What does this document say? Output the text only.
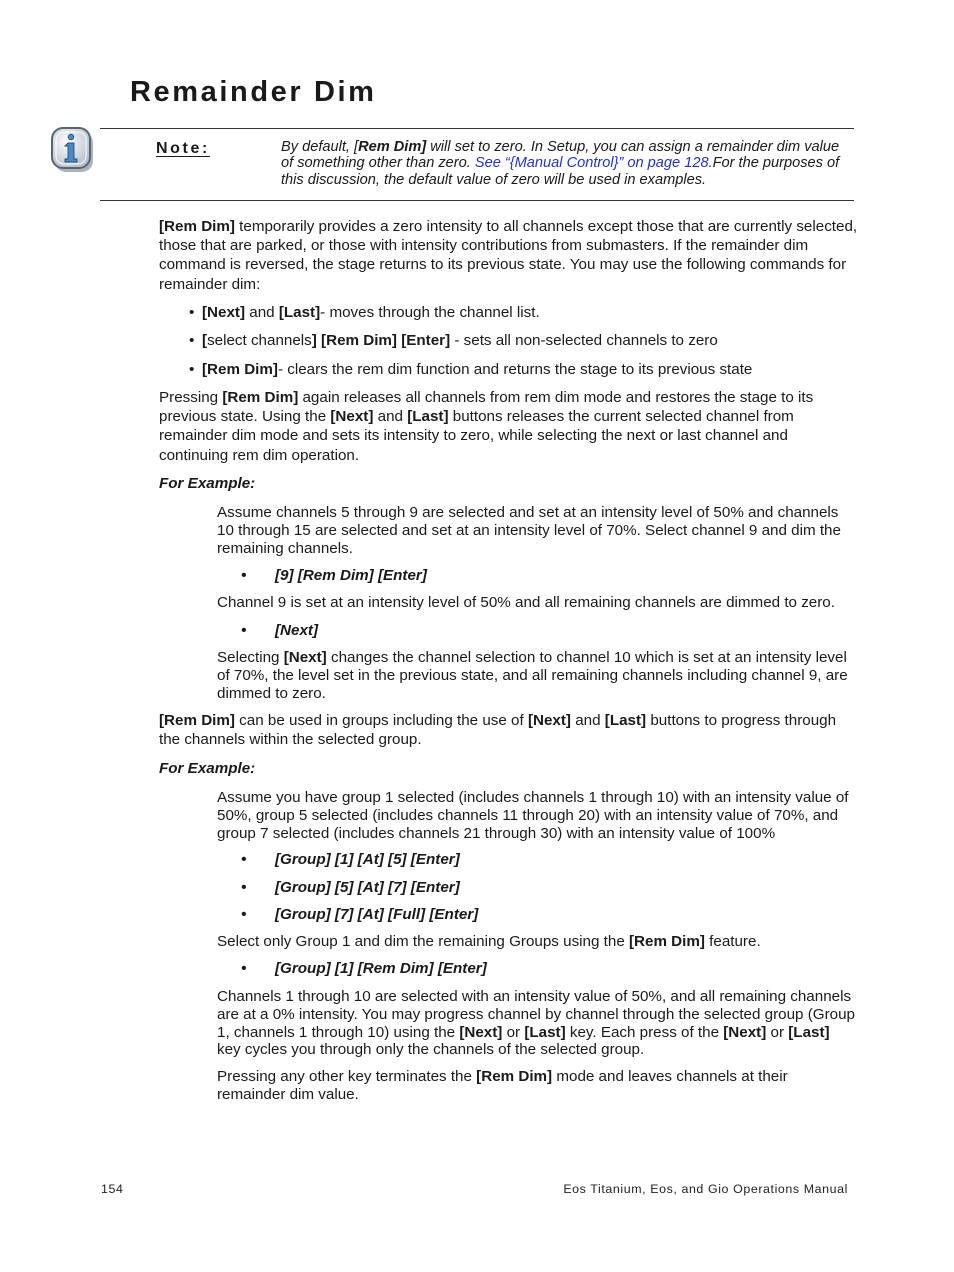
Remainder Dim
Note:	By default, [Rem Dim] will set to zero. In Setup, you can assign a remainder dim value of something other than zero. See “{Manual Control}” on page 128.For the purposes of this discussion, the default value of zero will be used in examples.

[Rem Dim] temporarily provides a zero intensity to all channels except those that are currently selected, those that are parked, or those with intensity contributions from submasters. If the remainder dim command is reversed, the stage returns to its previous state. You may use the following commands for remainder dim:

• [Next] and [Last]- moves through the channel list.

• [select channels] [Rem Dim] [Enter] - sets all non-selected channels to zero

• [Rem Dim]- clears the rem dim function and returns the stage to its previous state

Pressing [Rem Dim] again releases all channels from rem dim mode and restores the stage to its previous state. Using the [Next] and [Last] buttons releases the current selected channel from remainder dim mode and sets its intensity to zero, while selecting the next or last channel and continuing rem dim operation.

For Example:

Assume channels 5 through 9 are selected and set at an intensity level of 50% and channels 10 through 15 are selected and set at an intensity level of 70%. Select channel 9 and dim the remaining channels.

• [9] [Rem Dim] [Enter]

Channel 9 is set at an intensity level of 50% and all remaining channels are dimmed to zero.

• [Next]

Selecting [Next] changes the channel selection to channel 10 which is set at an intensity level of 70%, the level set in the previous state, and all remaining channels including channel 9, are dimmed to zero.

[Rem Dim] can be used in groups including the use of [Next] and [Last] buttons to progress through the channels within the selected group.

For Example:

Assume you have group 1 selected (includes channels 1 through 10) with an intensity value of 50%, group 5 selected (includes channels 11 through 20) with an intensity value of 70%, and group 7 selected (includes channels 21 through 30) with an intensity value of 100%

• [Group] [1] [At] [5] [Enter]

• [Group] [5] [At] [7] [Enter]

• [Group] [7] [At] [Full] [Enter]

Select only Group 1 and dim the remaining Groups using the [Rem Dim] feature.

• [Group] [1] [Rem Dim] [Enter]

Channels 1 through 10 are selected with an intensity value of 50%, and all remaining channels are at a 0% intensity. You may progress channel by channel through the selected group (Group 1, channels 1 through 10) using the [Next] or [Last] key. Each press of the [Next] or [Last] key cycles you through only the channels of the selected group.

Pressing any other key terminates the [Rem Dim] mode and leaves channels at their remainder dim value.

154	Eos Titanium, Eos, and Gio Operations Manual
